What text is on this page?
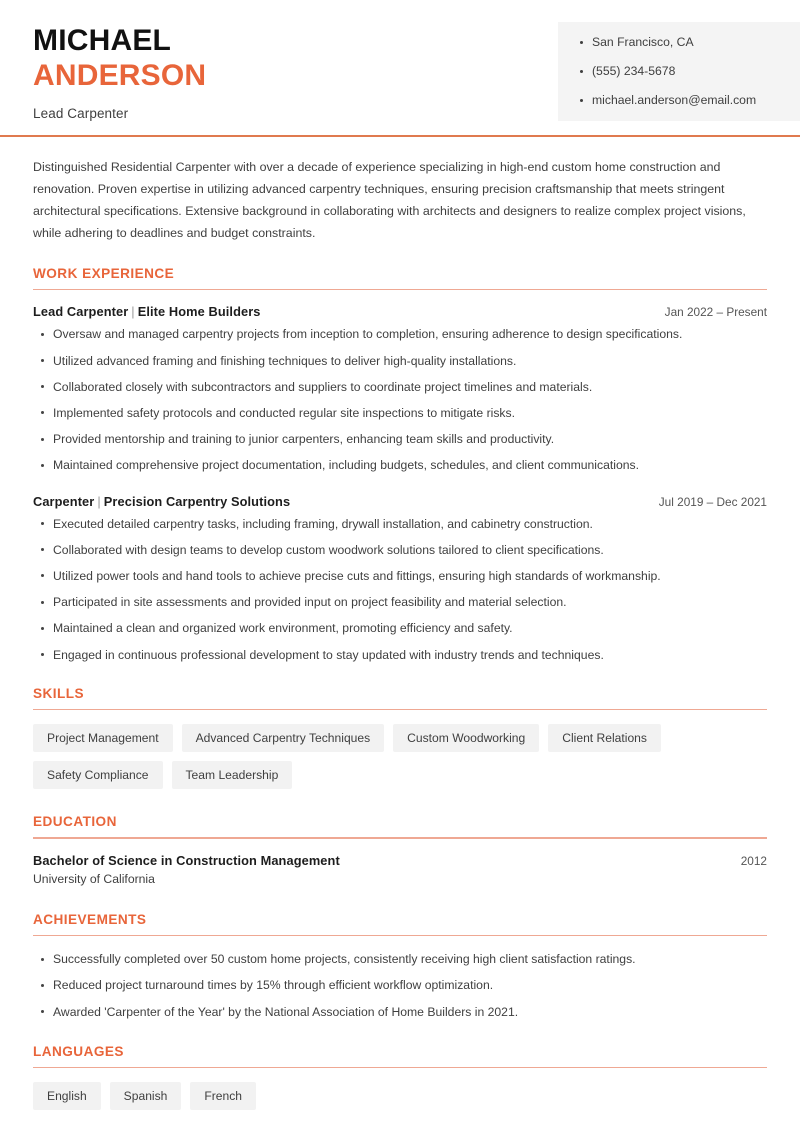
MICHAEL
ANDERSON
Lead Carpenter
San Francisco, CA
(555) 234-5678
michael.anderson@email.com

Distinguished Residential Carpenter with over a decade of experience specializing in high-end custom home construction and renovation. Proven expertise in utilizing advanced carpentry techniques, ensuring precision craftsmanship that meets stringent architectural specifications. Extensive background in collaborating with architects and designers to realize complex project visions, while adhering to deadlines and budget constraints.

WORK EXPERIENCE
Lead Carpenter | Elite Home Builders	Jan 2022 – Present
Oversaw and managed carpentry projects from inception to completion, ensuring adherence to design specifications.
Utilized advanced framing and finishing techniques to deliver high-quality installations.
Collaborated closely with subcontractors and suppliers to coordinate project timelines and materials.
Implemented safety protocols and conducted regular site inspections to mitigate risks.
Provided mentorship and training to junior carpenters, enhancing team skills and productivity.
Maintained comprehensive project documentation, including budgets, schedules, and client communications.
Carpenter | Precision Carpentry Solutions	Jul 2019 – Dec 2021
Executed detailed carpentry tasks, including framing, drywall installation, and cabinetry construction.
Collaborated with design teams to develop custom woodwork solutions tailored to client specifications.
Utilized power tools and hand tools to achieve precise cuts and fittings, ensuring high standards of workmanship.
Participated in site assessments and provided input on project feasibility and material selection.
Maintained a clean and organized work environment, promoting efficiency and safety.
Engaged in continuous professional development to stay updated with industry trends and techniques.
SKILLS
Project Management	Advanced Carpentry Techniques	Custom Woodworking	Client Relations
Safety Compliance	Team Leadership
EDUCATION
Bachelor of Science in Construction Management	2012
University of California
ACHIEVEMENTS
Successfully completed over 50 custom home projects, consistently receiving high client satisfaction ratings.
Reduced project turnaround times by 15% through efficient workflow optimization.
Awarded 'Carpenter of the Year' by the National Association of Home Builders in 2021.
LANGUAGES
English	Spanish	French
